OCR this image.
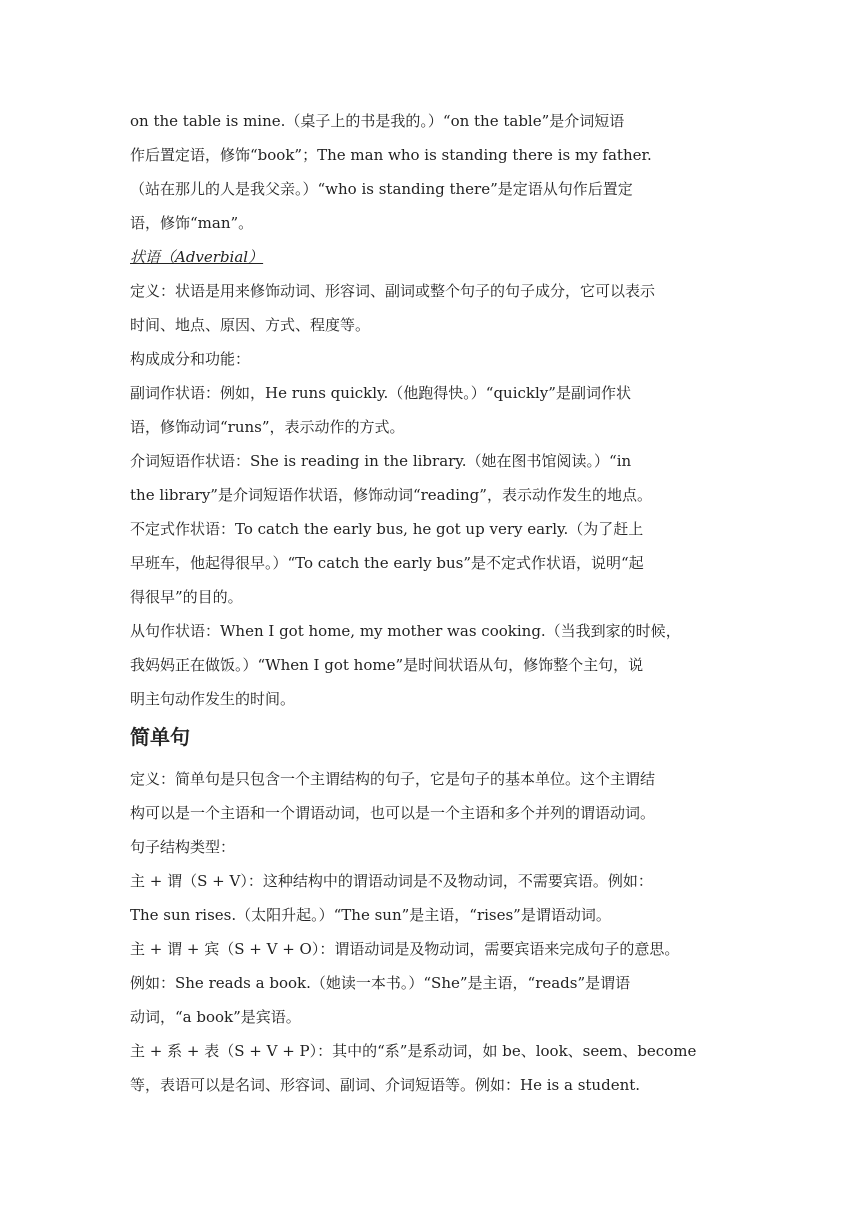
on the table is mine.（桌子上的书是我的。）“on the table”是介词短语
作后置定语，修饰“book”；The man who is standing there is my father.
（站在那儿的人是我父亲。）“who is standing there”是定语从句作后置定
语，修饰“man”。
状语（Adverbial）
定义：状语是用来修饰动词、形容词、副词或整个句子的句子成分，它可以表示
时间、地点、原因、方式、程度等。
构成成分和功能：
副词作状语：例如，He runs quickly.（他跑得快。）“quickly”是副词作状
语，修饰动词“runs”，表示动作的方式。
介词短语作状语：She is reading in the library.（她在图书馆阅读。）“in
the library”是介词短语作状语，修饰动词“reading”，表示动作发生的地点。
不定式作状语：To catch the early bus, he got up very early.（为了赶上
早班车，他起得很早。）“To catch the early bus”是不定式作状语，说明“起
得很早”的目的。
从句作状语：When I got home, my mother was cooking.（当我到家的时候，
我妈妈正在做饭。）“When I got home”是时间状语从句，修饰整个主句，说
明主句动作发生的时间。
简单句
定义：简单句是只包含一个主谓结构的句子，它是句子的基本单位。这个主谓结
构可以是一个主语和一个谓语动词，也可以是一个主语和多个并列的谓语动词。
句子结构类型：
主 + 谓（S + V）：这种结构中的谓语动词是不及物动词，不需要宾语。例如：
The sun rises.（太阳升起。）“The sun”是主语，“rises”是谓语动词。
主 + 谓 + 宾（S + V + O）：谓语动词是及物动词，需要宾语来完成句子的意思。
例如：She reads a book.（她读一本书。）“She”是主语，“reads”是谓语
动词，“a book”是宾语。
主 + 系 + 表（S + V + P）：其中的“系”是系动词，如 be、look、seem、become
等，表语可以是名词、形容词、副词、介词短语等。例如：He is a student.
